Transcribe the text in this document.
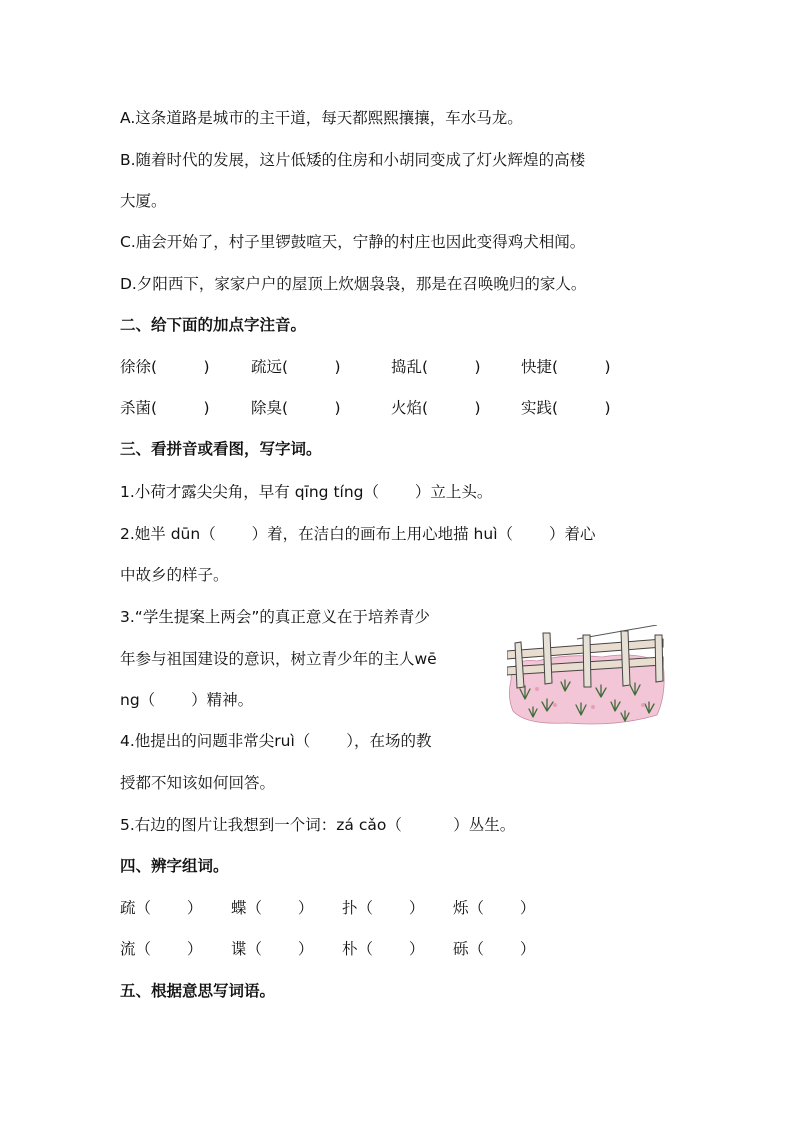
A.这条道路是城市的主干道，每天都熙熙攘攘，车水马龙。

B.随着时代的发展，这片低矮的住房和小胡同变成了灯火辉煌的高楼

大厦。

C.庙会开始了，村子里锣鼓喧天，宁静的村庄也因此变得鸡犬相闻。

D.夕阳西下，家家户户的屋顶上炊烟袅袅，那是在召唤晚归的家人。

二、给下面的加点字注音。

徐徐(　　　)	疏远(　　　)	捣乱(　　　)	快捷(　　　)
杀菌(　　　)	除臭(　　　)	火焰(　　　)	实践(　　　)

三、看拼音或看图，写字词。

1.小荷才露尖尖角，早有 qīng tíng（　　 ）立上头。

2.她半 dūn（　　 ）着，在洁白的画布上用心地描 huì（　　 ）着心

中故乡的样子。

3.“学生提案上两会”的真正意义在于培养青少

年参与祖国建设的意识，树立青少年的主人wē

ng（　　 ）精神。

4.他提出的问题非常尖ruì（　　 ），在场的教

授都不知该如何回答。

5.右边的图片让我想到一个词：zá cǎo（　　　 ）丛生。

四、辨字组词。

疏（　　 ） 蝶（　　 ） 扑（　　 ） 烁（　　 ）
流（　　 ） 谍（　　 ） 朴（　　 ） 砾（　　 ）

五、根据意思写词语。
